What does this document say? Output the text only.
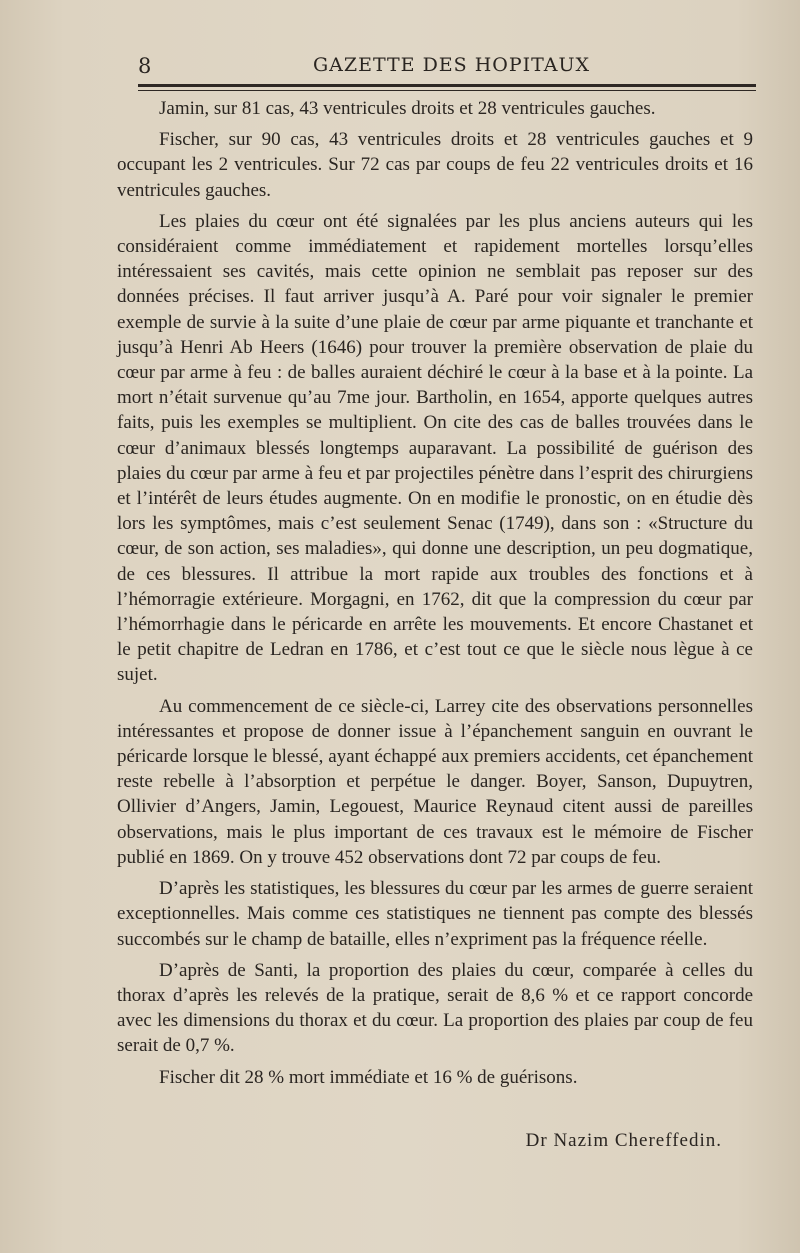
8	GAZETTE DES HOPITAUX

Jamin, sur 81 cas, 43 ventricules droits et 28 ventricules gauches.

Fischer, sur 90 cas, 43 ventricules droits et 28 ventricules gauches et 9 occupant les 2 ventricules. Sur 72 cas par coups de feu 22 ventricules droits et 16 ventricules gauches.

Les plaies du cœur ont été signalées par les plus anciens auteurs qui les considéraient comme immédiatement et rapidement mortelles lorsqu’elles intéressaient ses cavités, mais cette opinion ne semblait pas reposer sur des données précises. Il faut arriver jusqu’à A. Paré pour voir signaler le premier exemple de survie à la suite d’une plaie de cœur par arme piquante et tranchante et jusqu’à Henri Ab Heers (1646) pour trouver la première observation de plaie du cœur par arme à feu : de balles auraient déchiré le cœur à la base et à la pointe. La mort n’était survenue qu’au 7me jour. Bartholin, en 1654, apporte quelques autres faits, puis les exemples se multiplient. On cite des cas de balles trouvées dans le cœur d’animaux blessés longtemps auparavant. La possibilité de guérison des plaies du cœur par arme à feu et par projectiles pénètre dans l’esprit des chirurgiens et l’intérêt de leurs études augmente. On en modifie le pronostic, on en étudie dès lors les symptômes, mais c’est seulement Senac (1749), dans son : «Structure du cœur, de son action, ses maladies», qui donne une description, un peu dogmatique, de ces blessures. Il attribue la mort rapide aux troubles des fonctions et à l’hémorragie extérieure. Morgagni, en 1762, dit que la compression du cœur par l’hémorrhagie dans le péricarde en arrête les mouvements. Et encore Chastanet et le petit chapitre de Ledran en 1786, et c’est tout ce que le siècle nous lègue à ce sujet.

Au commencement de ce siècle-ci, Larrey cite des observations personnelles intéressantes et propose de donner issue à l’épanchement sanguin en ouvrant le péricarde lorsque le blessé, ayant échappé aux premiers accidents, cet épanchement reste rebelle à l’absorption et perpétue le danger. Boyer, Sanson, Dupuytren, Ollivier d’Angers, Jamin, Legouest, Maurice Reynaud citent aussi de pareilles observations, mais le plus important de ces travaux est le mémoire de Fischer publié en 1869. On y trouve 452 observations dont 72 par coups de feu.

D’après les statistiques, les blessures du cœur par les armes de guerre seraient exceptionnelles. Mais comme ces statistiques ne tiennent pas compte des blessés succombés sur le champ de bataille, elles n’expriment pas la fréquence réelle.

D’après de Santi, la proportion des plaies du cœur, comparée à celles du thorax d’après les relevés de la pratique, serait de 8,6 % et ce rapport concorde avec les dimensions du thorax et du cœur. La proportion des plaies par coup de feu serait de 0,7 %.

Fischer dit 28 % mort immédiate et 16 % de guérisons.

Dr Nazim Chereffedin.
